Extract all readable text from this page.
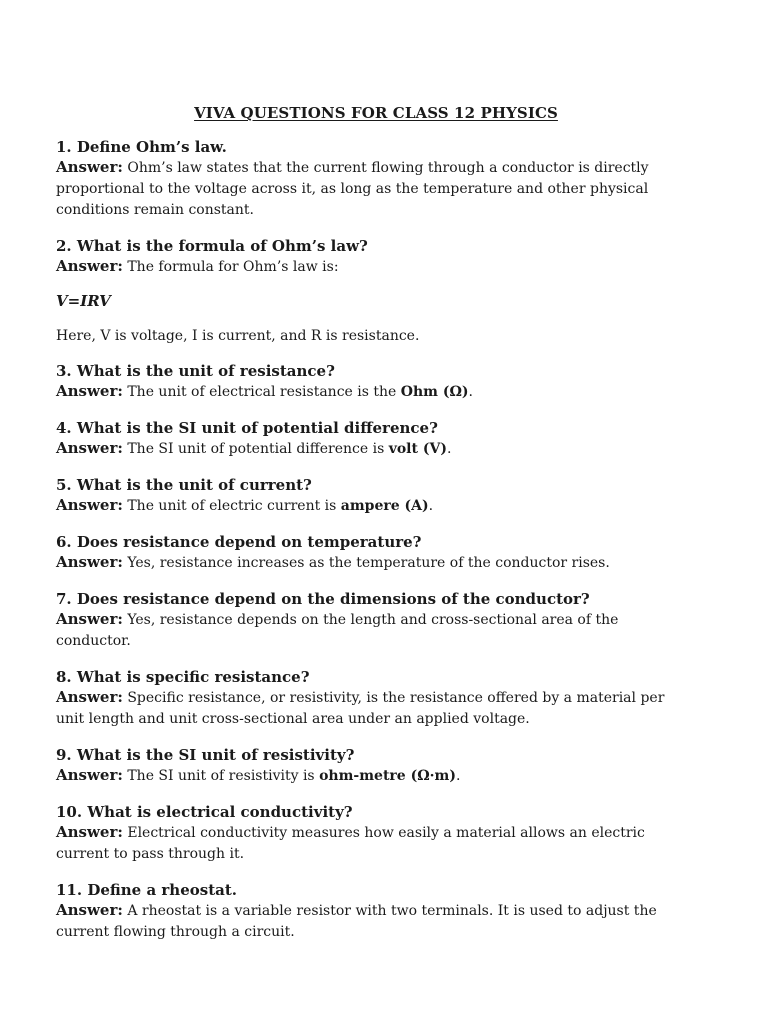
VIVA QUESTIONS FOR CLASS 12 PHYSICS

1. Define Ohm’s law.

Answer: Ohm’s law states that the current flowing through a conductor is directly proportional to the voltage across it, as long as the temperature and other physical conditions remain constant.

2. What is the formula of Ohm’s law?

Answer: The formula for Ohm’s law is:

V=IRV

Here, V is voltage, I is current, and R is resistance.

3. What is the unit of resistance?

Answer: The unit of electrical resistance is the Ohm (Ω).

4. What is the SI unit of potential difference?

Answer: The SI unit of potential difference is volt (V).

5. What is the unit of current?

Answer: The unit of electric current is ampere (A).

6. Does resistance depend on temperature?

Answer: Yes, resistance increases as the temperature of the conductor rises.

7. Does resistance depend on the dimensions of the conductor?

Answer: Yes, resistance depends on the length and cross-sectional area of the conductor.

8. What is specific resistance?

Answer: Specific resistance, or resistivity, is the resistance offered by a material per unit length and unit cross-sectional area under an applied voltage.

9. What is the SI unit of resistivity?

Answer: The SI unit of resistivity is ohm-metre (Ω·m).

10. What is electrical conductivity?

Answer: Electrical conductivity measures how easily a material allows an electric current to pass through it.

11. Define a rheostat.

Answer: A rheostat is a variable resistor with two terminals. It is used to adjust the current flowing through a circuit.
